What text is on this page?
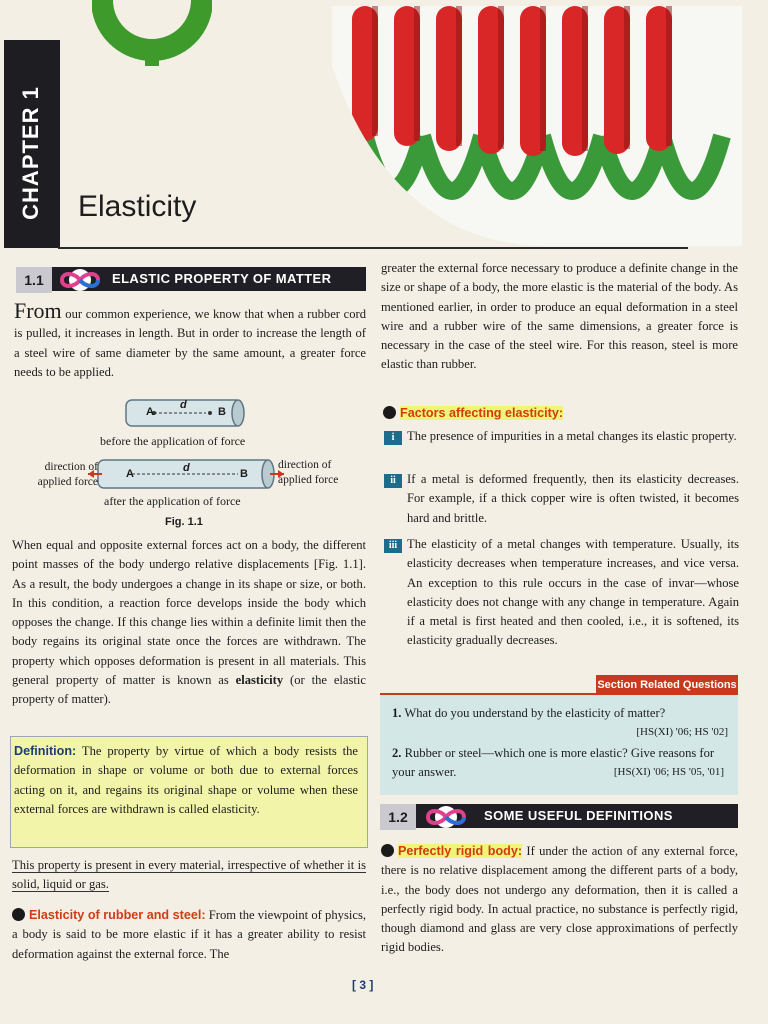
CHAPTER 1 Elasticity
1.1	ELASTIC PROPERTY OF MATTER

From our common experience, we know that when a rubber cord is pulled, it increases in length. But in order to increase the length of a steel wire of same diameter by the same amount, a greater force needs to be applied.

A
d
B
before the application of force
A	d	B
direction of applied force
direction of applied force
after the application of force
Fig. 1.1

When equal and opposite external forces act on a body, the different point masses of the body undergo relative displacements [Fig. 1.1]. As a result, the body undergoes a change in its shape or size, or both. In this condition, a reaction force develops inside the body which opposes the change. If this change lies within a definite limit then the body regains its original state once the forces are withdrawn. The property which opposes deformation is present in all materials. This general property of matter is known as elasticity (or the elastic property of matter).

Definition: The property by virtue of which a body resists the deformation in shape or volume or both due to external forces acting on it, and regains its original shape or volume when these external forces are withdrawn is called elasticity.

This property is present in every material, irrespective of whether it is solid, liquid or gas.

Elasticity of rubber and steel: From the viewpoint of physics, a body is said to be more elastic if it has a greater ability to resist deformation against the external force. The

greater the external force necessary to produce a definite change in the size or shape of a body, the more elastic is the material of the body. As mentioned earlier, in order to produce an equal deformation in a steel wire and a rubber wire of the same dimensions, a greater force is necessary in the case of the steel wire. For this reason, steel is more elastic than rubber.

Factors affecting elasticity:

i	The presence of impurities in a metal changes its elastic property.
ii If a metal is deformed frequently, then its elasticity decreases. For example, if a thick copper wire is often twisted, it becomes hard and brittle.
iii The elasticity of a metal changes with temperature. Usually, its elasticity decreases when temperature increases, and vice versa. An exception to this rule occurs in the case of invar—whose elasticity does not change with any change in temperature. Again if a metal is first heated and then cooled, i.e., it is softened, its elasticity gradually decreases.
Section Related Questions
1. What do you understand by the elasticity of matter?
[HS(XI) '06; HS '02]
2. Rubber or steel—which one is more elastic? Give reasons for your answer.	[HS(XI) '06; HS '05, '01]
1.2	SOME USEFUL DEFINITIONS

Perfectly rigid body: If under the action of any external force, there is no relative displacement among the different parts of a body, i.e., the body does not undergo any deformation, then it is called a perfectly rigid body. In actual practice, no substance is perfectly rigid, though diamond and glass are very close approximations of perfectly rigid bodies.

[ 3 ]
